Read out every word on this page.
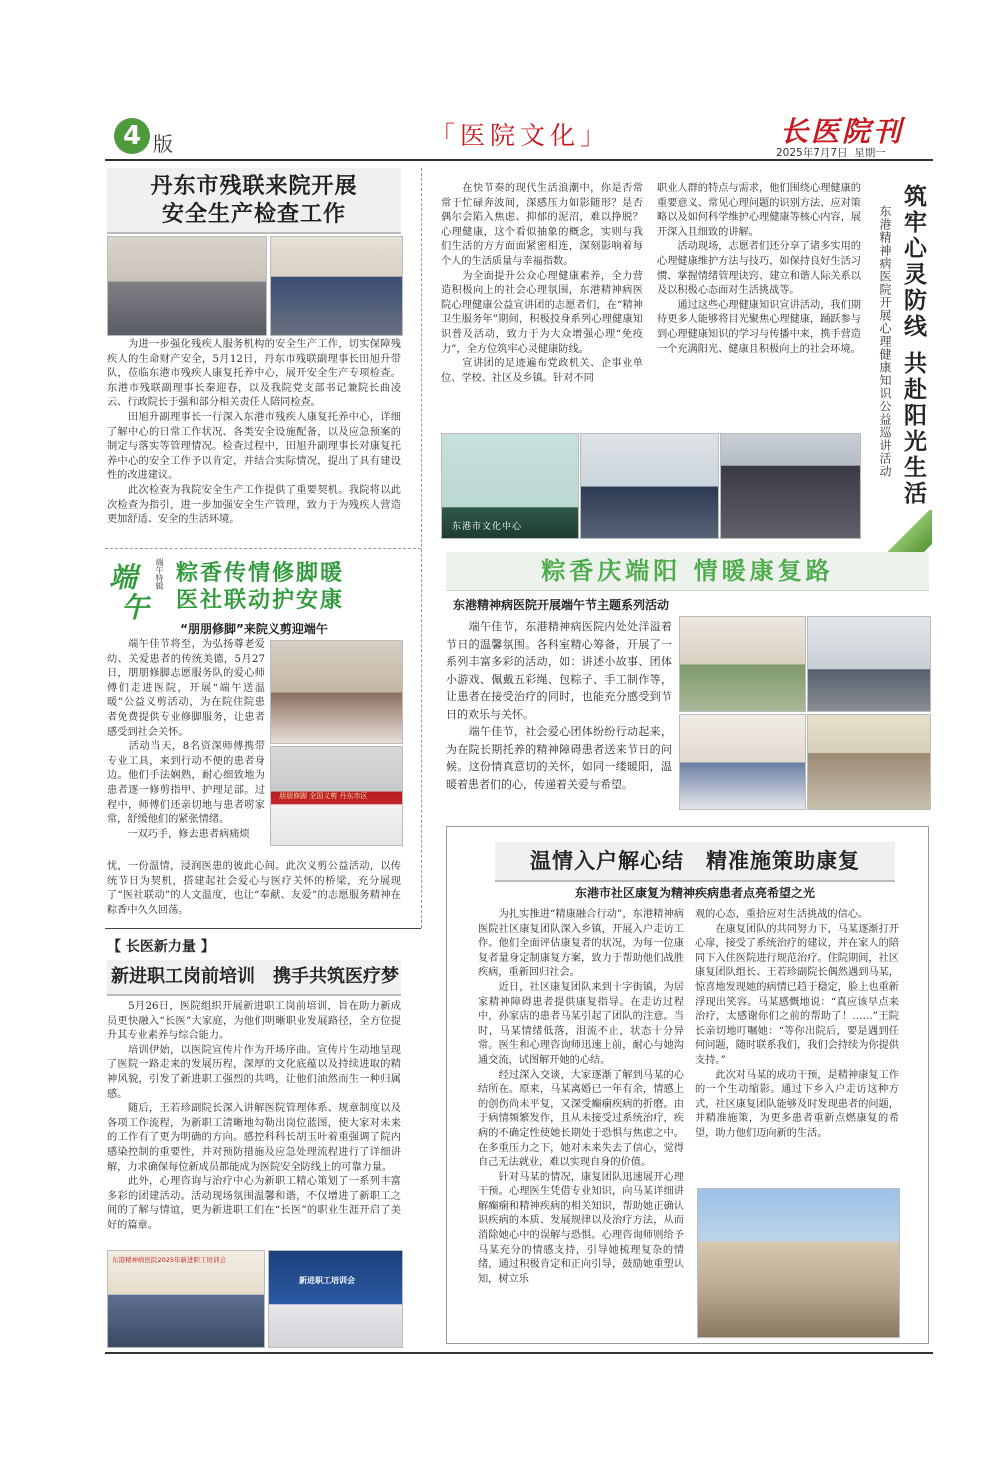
4 版	「医院文化」	长医院刊
2025年7月7日 星期一
丹东市残联来院开展
安全生产检查工作
　　为进一步强化残疾人服务机构的安全生产工作，切实保障残疾人的生命财产安全，5月12日，丹东市残联副理事长田旭升带队，莅临东港市残疾人康复托养中心，展开安全生产专项检查。东港市残联副理事长秦迎春，以及我院党支部书记兼院长曲凌云、行政院长于强和部分相关责任人陪同检查。
　　田旭升副理事长一行深入东港市残疾人康复托养中心，详细了解中心的日常工作状况、各类安全设施配备，以及应急预案的制定与落实等管理情况。检查过程中，田旭升副理事长对康复托养中心的安全工作予以肯定，并结合实际情况，提出了具有建设性的改进建议。
　　此次检查为我院安全生产工作提供了重要契机。我院将以此次检查为指引，进一步加强安全生产管理，致力于为残疾人营造更加舒适、安全的生活环境。
　　在快节奏的现代生活浪潮中，你是否常常于忙碌奔波间，深感压力如影随形？是否偶尔会陷入焦虑、抑郁的泥沼，难以挣脱？心理健康，这个看似抽象的概念，实则与我们生活的方方面面紧密相连，深刻影响着每个人的生活质量与幸福指数。
　　为全面提升公众心理健康素养，全力营造积极向上的社会心理氛围，东港精神病医院心理健康公益宣讲团的志愿者们，在“精神卫生服务年”期间，积极投身系列心理健康知识普及活动，致力于为大众增强心理“免疫力”，全方位筑牢心灵健康防线。
　　宣讲团的足迹遍布党政机关、企事业单位、学校、社区及乡镇。针对不同
职业人群的特点与需求，他们围绕心理健康的重要意义、常见心理问题的识别方法、应对策略以及如何科学维护心理健康等核心内容，展开深入且细致的讲解。
　　活动现场，志愿者们还分享了诸多实用的心理健康维护方法与技巧，如保持良好生活习惯、掌握情绪管理诀窍、建立和谐人际关系以及以积极心态面对生活挑战等。
　　通过这些心理健康知识宣讲活动，我们期待更多人能够将目光聚焦心理健康，踊跃参与到心理健康知识的学习与传播中来，携手营造一个充满阳光、健康且积极向上的社会环境。 筑牢心灵防线 共赴阳光生活
东港精神病医院开展心理健康知识公益巡讲活动
东港市文化中心
端
午
端午特辑 粽香传情修脚暖
医社联动护安康
“朋朋修脚”来院义剪迎端午
　　端午佳节将至，为弘扬尊老爱幼、关爱患者的传统美德，5月27日，朋朋修脚志愿服务队的爱心师傅们走进医院，开展“端午送温暖”公益义剪活动，为在院住院患者免费提供专业修脚服务，让患者感受到社会关怀。
　　活动当天，8名资深师傅携带专业工具，来到行动不便的患者身边。他们手法娴熟，耐心细致地为患者逐一修剪指甲、护理足部。过程中，师傅们还亲切地与患者唠家常，舒缓他们的紧张情绪。
　　一双巧手，修去患者病痛烦
朋朋修脚 全国义剪 丹东市区
忧，一份温情，浸润医患的彼此心间。此次义剪公益活动，以传统节日为契机，搭建起社会爱心与医疗关怀的桥梁，充分展现了“医社联动”的人文温度，也让“奉献、友爱”的志愿服务精神在粽香中久久回荡。
粽香庆端阳 情暖康复路
东港精神病医院开展端午节主题系列活动
　　端午佳节，东港精神病医院内处处洋溢着节日的温馨氛围。各科室精心筹备，开展了一系列丰富多彩的活动，如：讲述小故事、团体小游戏、佩戴五彩绳、包粽子、手工制作等，让患者在接受治疗的同时，也能充分感受到节日的欢乐与关怀。
　　端午佳节，社会爱心团体纷纷行动起来，为在院长期托养的精神障碍患者送来节日的问候。这份情真意切的关怀，如同一缕暖阳，温暖着患者们的心，传递着关爱与希望。
【 长医新力量 】
新进职工岗前培训　携手共筑医疗梦
　　5月26日，医院组织开展新进职工岗前培训，旨在助力新成员更快融入“长医”大家庭，为他们明晰职业发展路径，全方位提升其专业素养与综合能力。
　　培训伊始，以医院宣传片作为开场序曲。宣传片生动地呈现了医院一路走来的发展历程，深厚的文化底蕴以及持续进取的精神风貌，引发了新进职工强烈的共鸣，让他们油然而生一种归属感。
　　随后，王若珍副院长深入讲解医院管理体系、规章制度以及各项工作流程，为新职工清晰地勾勒出岗位蓝图，使大家对未来的工作有了更为明确的方向。感控科科长胡玉叶着重强调了院内感染控制的重要性，并对预防措施及应急处理流程进行了详细讲解，力求确保每位新成员都能成为医院安全防线上的可靠力量。
　　此外，心理咨询与治疗中心为新职工精心策划了一系列丰富多彩的团建活动。活动现场氛围温馨和谐，不仅增进了新职工之间的了解与情谊，更为新进职工们在“长医”的职业生涯开启了美好的篇章。
东港精神病医院2025年新进职工培训会
新进职工培训会
温情入户解心结　精准施策助康复
东港市社区康复为精神疾病患者点亮希望之光
　　为扎实推进“精康融合行动”，东港精神病医院社区康复团队深入乡镇，开展入户走访工作。他们全面评估康复者的状况，为每一位康复者量身定制康复方案，致力于帮助他们战胜疾病，重新回归社会。
　　近日，社区康复团队来到十字街镇，为居家精神障碍患者提供康复指导。在走访过程中，孙家店的患者马某引起了团队的注意。当时，马某情绪低落，泪流不止，状态十分异常。医生和心理咨询师迅速上前，耐心与她沟通交流，试图解开她的心结。
　　经过深入交谈，大家逐渐了解到马某的心结所在。原来，马某离婚已一年有余，情感上的创伤尚未平复，又深受癫痫疾病的折磨。由于病情频繁发作，且从未接受过系统治疗，疾病的不确定性使她长期处于恐惧与焦虑之中。在多重压力之下，她对未来失去了信心，觉得自己无法就业，难以实现自身的价值。
　　针对马某的情况，康复团队迅速展开心理干预。心理医生凭借专业知识，向马某详细讲解癫痫和精神疾病的相关知识，帮助她正确认识疾病的本质、发展规律以及治疗方法，从而消除她心中的误解与恐惧。心理咨询师则给予马某充分的情感支持，引导她梳理复杂的情绪，通过积极肯定和正向引导，鼓励她重塑认知，树立乐
观的心态，重拾应对生活挑战的信心。
　　在康复团队的共同努力下，马某逐渐打开心扉，接受了系统治疗的建议，并在家人的陪同下入住医院进行规范治疗。住院期间，社区康复团队组长、王若珍副院长偶然遇到马某，惊喜地发现她的病情已趋于稳定，脸上也重新浮现出笑容。马某感慨地说：“真应该早点来治疗，太感谢你们之前的帮助了！……”王院长亲切地叮嘱她：“等你出院后，要是遇到任何问题，随时联系我们，我们会持续为你提供支持。”
　　此次对马某的成功干预，是精神康复工作的一个生动缩影。通过下乡入户走访这种方式，社区康复团队能够及时发现患者的问题，并精准施策，为更多患者重新点燃康复的希望，助力他们迈向新的生活。
